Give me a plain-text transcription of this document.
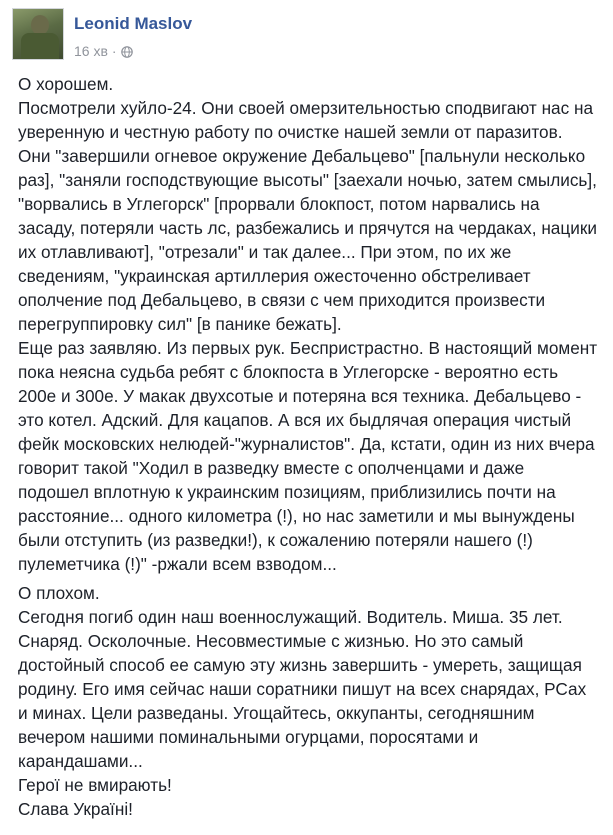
Leonid Maslov
16 хв ·

О хорошем.
Посмотрели хуйло-24. Они своей омерзительностью сподвигают нас на уверенную и честную работу по очистке нашей земли от паразитов. Они "завершили огневое окружение Дебальцево" [пальнули несколько раз], "заняли господствующие высоты" [заехали ночью, затем смылись], "ворвались в Углегорск" [прорвали блокпост, потом нарвались на засаду, потеряли часть лс, разбежались и прячутся на чердаках, нацики их отлавливают], "отрезали" и так далее... При этом, по их же сведениям, "украинская артиллерия ожесточенно обстреливает ополчение под Дебальцево, в связи с чем приходится произвести перегруппировку сил" [в панике бежать].
Еще раз заявляю. Из первых рук. Беспристрастно. В настоящий момент пока неясна судьба ребят с блокпоста в Углегорске - вероятно есть 200е и 300е. У макак двухсотые и потеряна вся техника. Дебальцево - это котел. Адский. Для кацапов. А вся их быдлячая операция чистый фейк московских нелюдей-"журналистов". Да, кстати, один из них вчера говорит такой "Ходил в разведку вместе с ополченцами и даже подошел вплотную к украинским позициям, приблизились почти на расстояние... одного километра (!), но нас заметили и мы вынуждены были отступить (из разведки!), к сожалению потеряли нашего (!) пулеметчика (!)" -ржали всем взводом...

О плохом.
Сегодня погиб один наш военнослужащий. Водитель. Миша. 35 лет. Снаряд. Осколочные. Несовместимые с жизнью. Но это самый достойный способ ее самую эту жизнь завершить - умереть, защищая родину. Его имя сейчас наши соратники пишут на всех снарядах, РСах и минах. Цели разведаны. Угощайтесь, оккупанты, сегодняшним вечером нашими поминальными огурцами, поросятами и карандашами...
Герої не вмирають!
Слава Україні!
